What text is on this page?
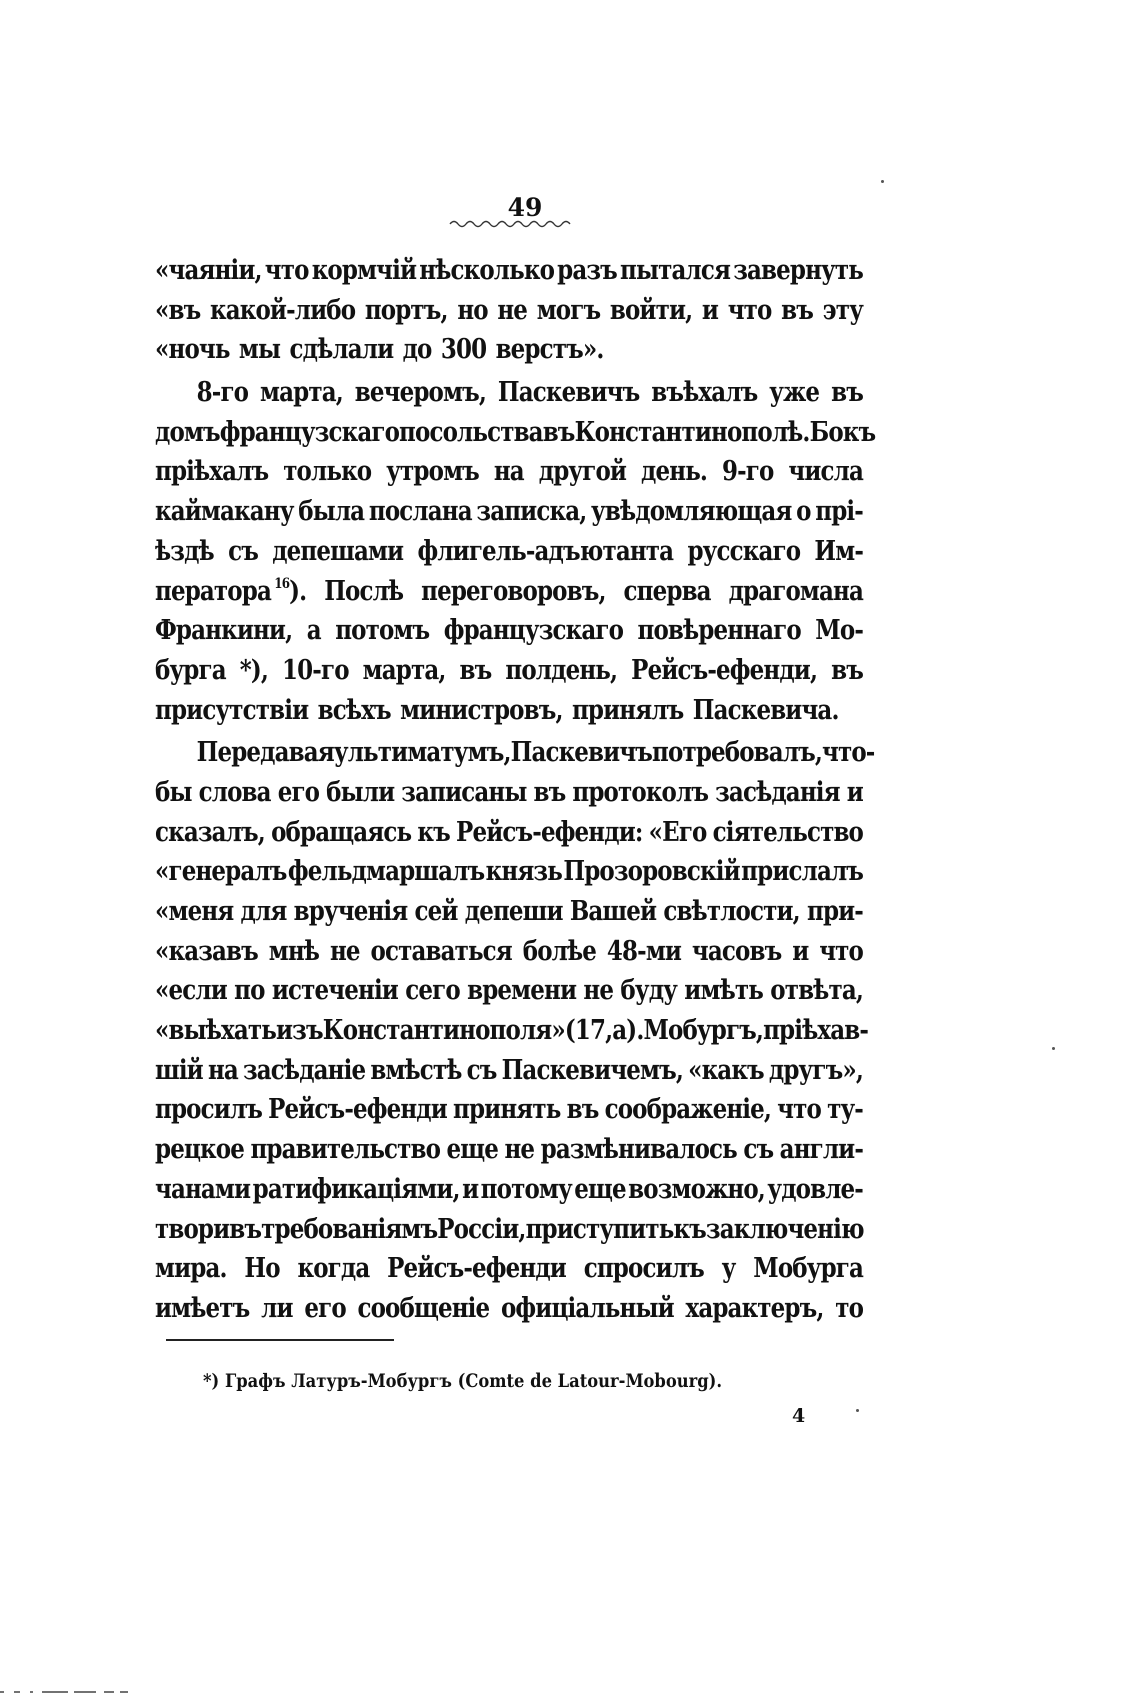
49
«чаяніи, что кормчій нѣсколько разъ пытался завернуть
«въ какой-либо портъ, но не могъ войти, и что въ эту
«ночь мы сдѣлали до 300 верстъ».
8-го марта, вечеромъ, Паскевичъ въѣхалъ уже въ
домъ французскаго посольства въ Константинополѣ. Бокъ
пріѣхалъ только утромъ на другой день. 9-го числа
каймакану была послана записка, увѣдомляющая о прі-
ѣздѣ съ депешами флигель-адъютанта русскаго Им-
ператора $^{16}$). Послѣ переговоровъ, сперва драгомана
Франкини, а потомъ французскаго повѣреннаго Мо-
бурга *), 10-го марта, въ полдень, Рейсъ-ефенди, въ
присутствіи всѣхъ министровъ, принялъ Паскевича.
Передавая ультиматумъ, Паскевичъ потребовалъ, что-
бы слова его были записаны въ протоколъ засѣданія и
сказалъ, обращаясь къ Рейсъ-ефенди: «Его сіятельство
«генералъ фельдмаршалъ князь Прозоровскій прислалъ
«меня для врученія сей депеши Вашей свѣтлости, при-
«казавъ мнѣ не оставаться болѣе 48-ми часовъ и что
«если по истеченіи сего времени не буду имѣть отвѣта,
«выѣхать изъ Константинополя» (17, а). Мобургъ, пріѣхав-
шій на засѣданіе вмѣстѣ съ Паскевичемъ, «какъ другъ»,
просилъ Рейсъ-ефенди принять въ соображеніе, что ту-
рецкое правительство еще не размѣнивалось съ англи-
чанами ратификаціями, и потому еще возможно, удовле-
творивъ требованіямъ Россіи, приступить къ заключенію
мира. Но когда Рейсъ-ефенди спросилъ у Мобурга
имѣетъ ли его сообщеніе офиціальный характеръ, то
*) Графъ Латуръ-Мобургъ (Comte de Latour-Mobourg).
4
